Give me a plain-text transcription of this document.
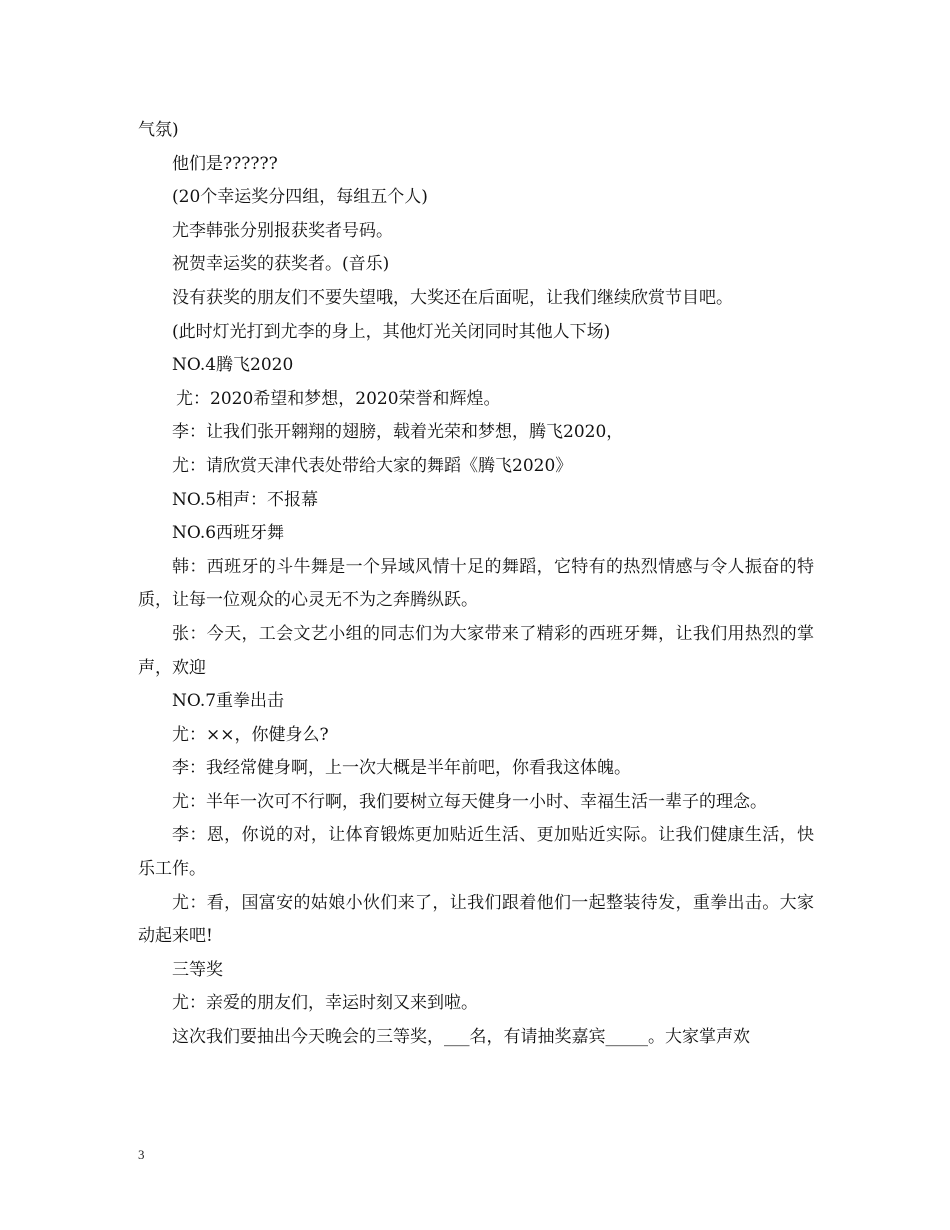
气氛)

他们是??????

(20个幸运奖分四组，每组五个人)

尤李韩张分别报获奖者号码。

祝贺幸运奖的获奖者。(音乐)

没有获奖的朋友们不要失望哦，大奖还在后面呢，让我们继续欣赏节目吧。

(此时灯光打到尤李的身上，其他灯光关闭同时其他人下场)

NO.4腾飞2020

尤：2020希望和梦想，2020荣誉和辉煌。

李：让我们张开翱翔的翅膀，载着光荣和梦想，腾飞2020，

尤：请欣赏天津代表处带给大家的舞蹈《腾飞2020》

NO.5相声：不报幕

NO.6西班牙舞

韩：西班牙的斗牛舞是一个异域风情十足的舞蹈，它特有的热烈情感与令人振奋的特质，让每一位观众的心灵无不为之奔腾纵跃。

张：今天，工会文艺小组的同志们为大家带来了精彩的西班牙舞，让我们用热烈的掌声，欢迎

NO.7重拳出击

尤：××，你健身么?

李：我经常健身啊，上一次大概是半年前吧，你看我这体魄。

尤：半年一次可不行啊，我们要树立每天健身一小时、幸福生活一辈子的理念。

李：恩，你说的对，让体育锻炼更加贴近生活、更加贴近实际。让我们健康生活，快乐工作。

尤：看，国富安的姑娘小伙们来了，让我们跟着他们一起整装待发，重拳出击。大家动起来吧!

三等奖

尤：亲爱的朋友们，幸运时刻又来到啦。

这次我们要抽出今天晚会的三等奖，___名，有请抽奖嘉宾_____。大家掌声欢

3
